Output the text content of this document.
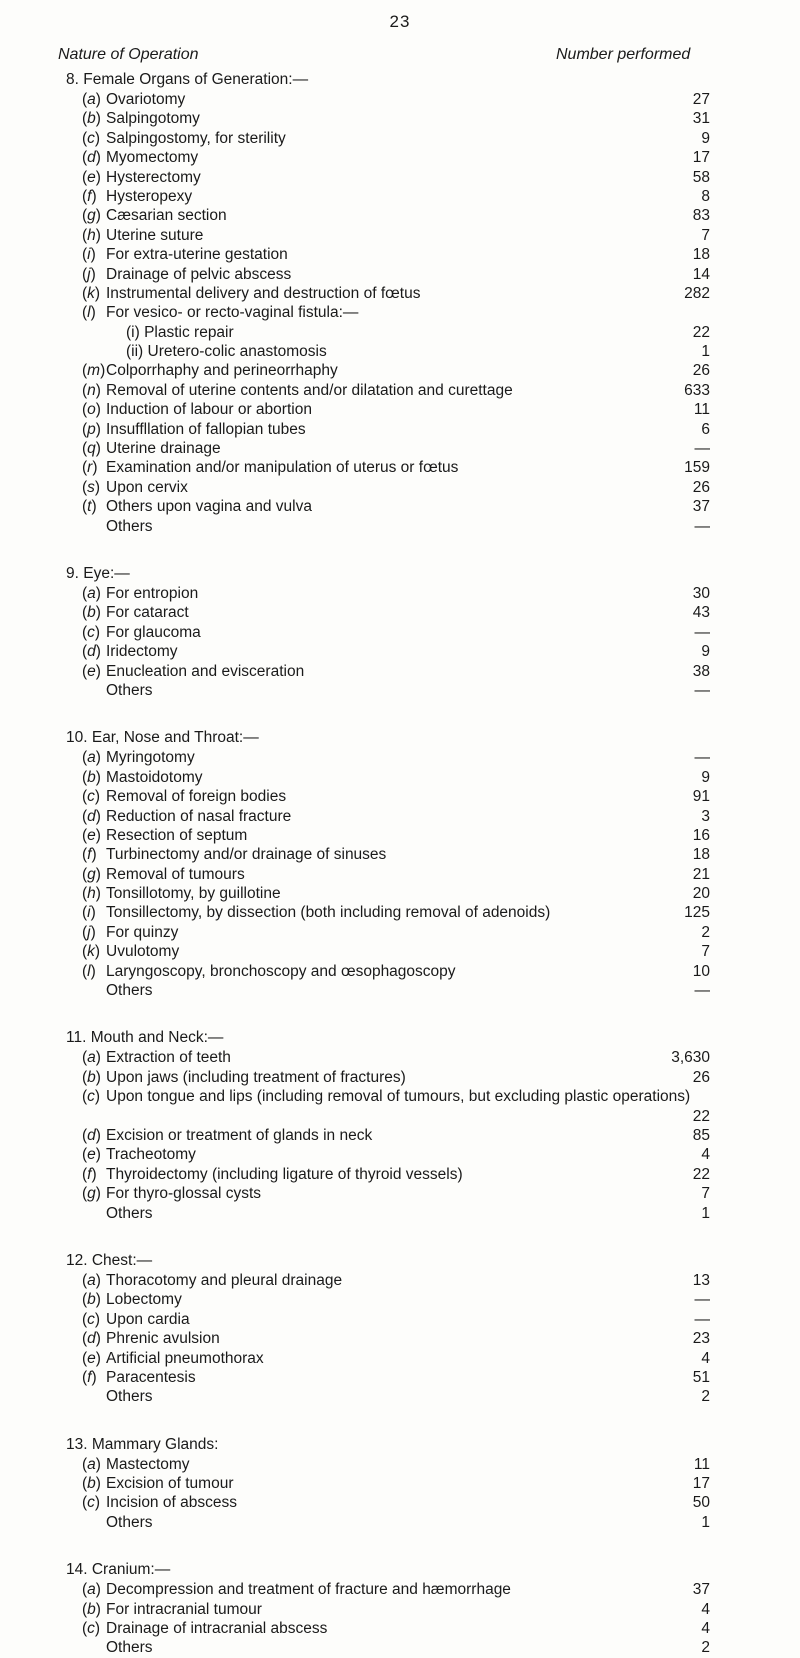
23
Nature of Operation	Number performed
8. Female Organs of Generation:—
(a) Ovariotomy	27
(b) Salpingotomy	31
(c) Salpingostomy, for sterility	9
(d) Myomectomy	17
(e) Hysterectomy	58
(f) Hysteropexy	8
(g) Cæsarian section	83
(h) Uterine suture	7
(i) For extra-uterine gestation	18
(j) Drainage of pelvic abscess	14
(k) Instrumental delivery and destruction of fœtus	282
(l) For vesico- or recto-vaginal fistula:—
(i) Plastic repair	22
(ii) Uretero-colic anastomosis	1
(m) Colporrhaphy and perineorrhaphy	26
(n) Removal of uterine contents and/or dilatation and curettage	633
(o) Induction of labour or abortion	11
(p) Insuffllation of fallopian tubes	6
(q) Uterine drainage	—
(r) Examination and/or manipulation of uterus or fœtus	159
(s) Upon cervix	26
(t) Others upon vagina and vulva	37
Others	—
9. Eye:—
(a) For entropion	30
(b) For cataract	43
(c) For glaucoma	—
(d) Iridectomy	9
(e) Enucleation and evisceration	38
Others	—
10. Ear, Nose and Throat:—
(a) Myringotomy	—
(b) Mastoidotomy	9
(c) Removal of foreign bodies	91
(d) Reduction of nasal fracture	3
(e) Resection of septum	16
(f) Turbinectomy and/or drainage of sinuses	18
(g) Removal of tumours	21
(h) Tonsillotomy, by guillotine	20
(i) Tonsillectomy, by dissection (both including removal of adenoids)	125
(j) For quinzy	2
(k) Uvulotomy	7
(l) Laryngoscopy, bronchoscopy and œsophagoscopy	10
Others	—
11. Mouth and Neck:—
(a) Extraction of teeth	3,630
(b) Upon jaws (including treatment of fractures)	26
(c) Upon tongue and lips (including removal of tumours, but excluding plastic operations)
22
(d) Excision or treatment of glands in neck	85
(e) Tracheotomy	4
(f) Thyroidectomy (including ligature of thyroid vessels)	22
(g) For thyro-glossal cysts	7
Others	1
12. Chest:—
(a) Thoracotomy and pleural drainage	13
(b) Lobectomy	—
(c) Upon cardia	—
(d) Phrenic avulsion	23
(e) Artificial pneumothorax	4
(f) Paracentesis	51
Others	2
13. Mammary Glands:
(a) Mastectomy	11
(b) Excision of tumour	17
(c) Incision of abscess	50
Others	1
14. Cranium:—
(a) Decompression and treatment of fracture and hæmorrhage	37
(b) For intracranial tumour	4
(c) Drainage of intracranial abscess	4
Others	2
